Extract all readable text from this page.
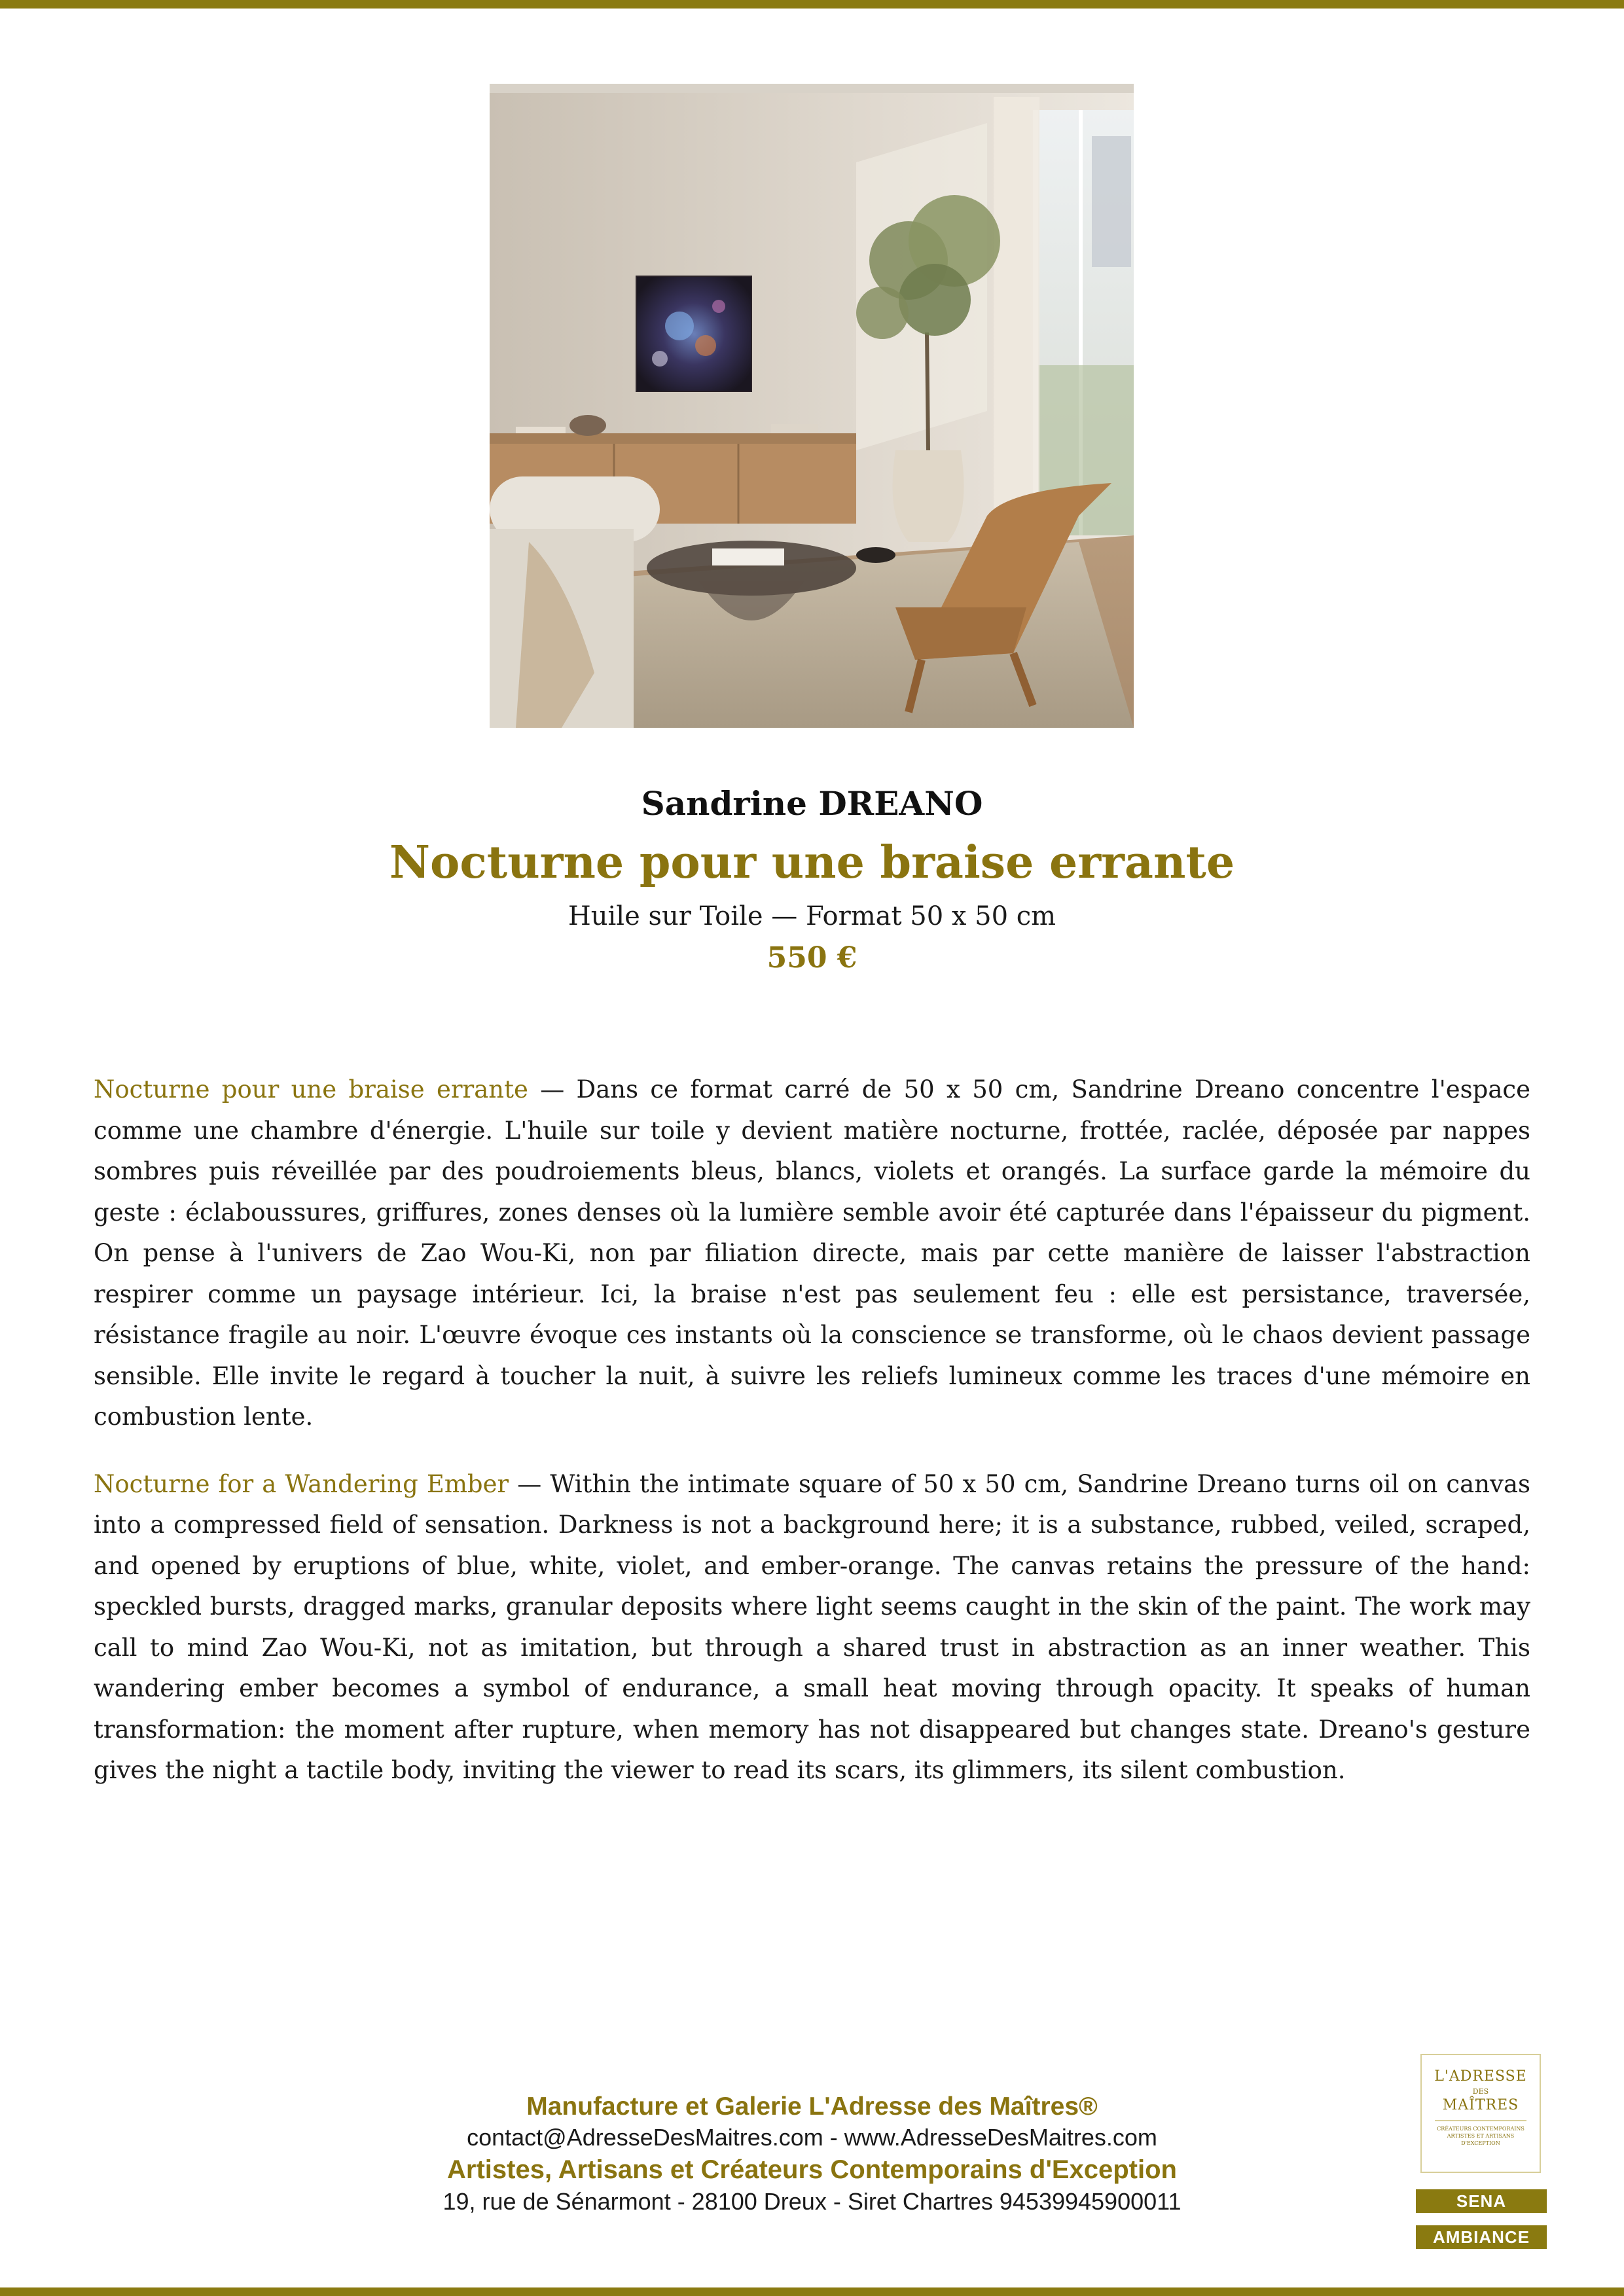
Sandrine DREANO
Nocturne pour une braise errante
Huile sur Toile — Format 50 x 50 cm
550 €

Nocturne pour une braise errante — Dans ce format carré de 50 x 50 cm, Sandrine Dreano concentre l'espace comme une chambre d'énergie. L'huile sur toile y devient matière nocturne, frottée, raclée, déposée par nappes sombres puis réveillée par des poudroiements bleus, blancs, violets et orangés. La surface garde la mémoire du geste : éclaboussures, griffures, zones denses où la lumière semble avoir été capturée dans l'épaisseur du pigment. On pense à l'univers de Zao Wou-Ki, non par filiation directe, mais par cette manière de laisser l'abstraction respirer comme un paysage intérieur. Ici, la braise n'est pas seulement feu : elle est persistance, traversée, résistance fragile au noir. L'œuvre évoque ces instants où la conscience se transforme, où le chaos devient passage sensible. Elle invite le regard à toucher la nuit, à suivre les reliefs lumineux comme les traces d'une mémoire en combustion lente.

Nocturne for a Wandering Ember — Within the intimate square of 50 x 50 cm, Sandrine Dreano turns oil on canvas into a compressed field of sensation. Darkness is not a background here; it is a substance, rubbed, veiled, scraped, and opened by eruptions of blue, white, violet, and ember-orange. The canvas retains the pressure of the hand: speckled bursts, dragged marks, granular deposits where light seems caught in the skin of the paint. The work may call to mind Zao Wou-Ki, not as imitation, but through a shared trust in abstraction as an inner weather. This wandering ember becomes a symbol of endurance, a small heat moving through opacity. It speaks of human transformation: the moment after rupture, when memory has not disappeared but changes state. Dreano's gesture gives the night a tactile body, inviting the viewer to read its scars, its glimmers, its silent combustion.

Manufacture et Galerie L'Adresse des Maîtres®
contact@AdresseDesMaitres.com - www.AdresseDesMaitres.com
Artistes, Artisans et Créateurs Contemporains d'Exception
19, rue de Sénarmont - 28100 Dreux - Siret Chartres 94539945900011
L'ADRESSE
DES
MAÎTRES
CRÉATEURS CONTEMPORAINS ARTISTES ET ARTISANS D'EXCEPTION
SENA
AMBIANCE
